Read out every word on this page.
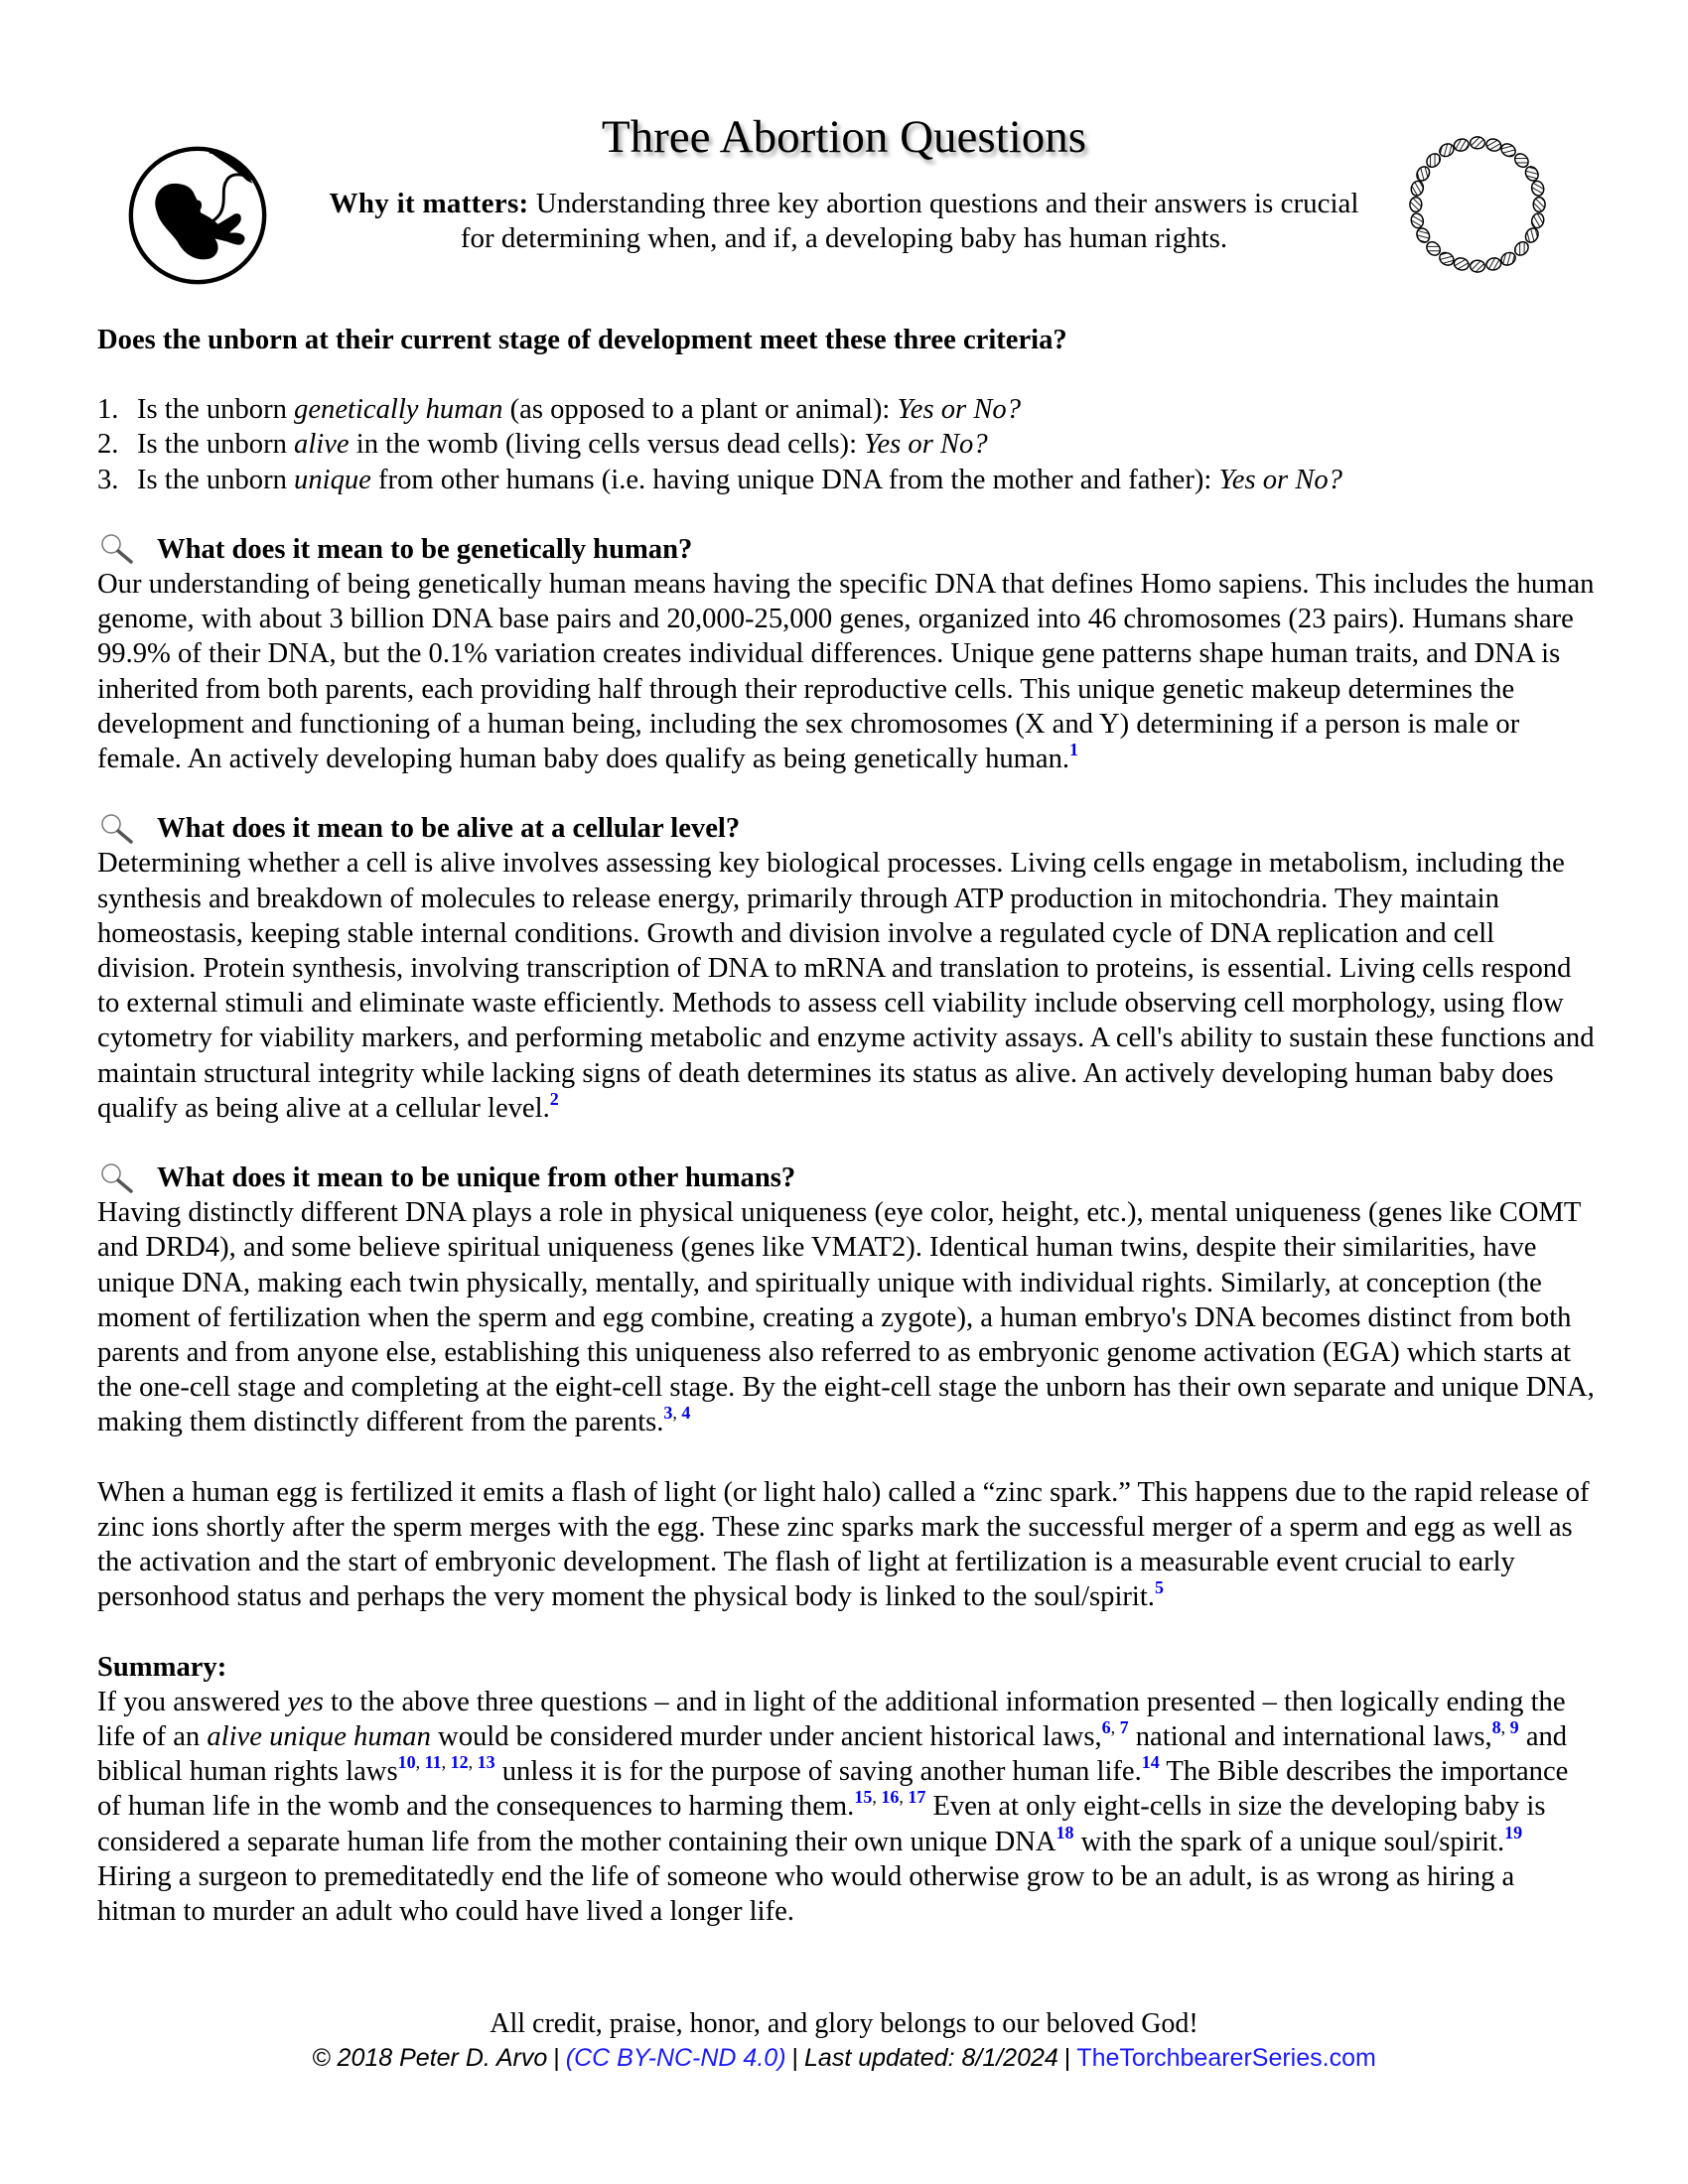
Three Abortion Questions
Why it matters: Understanding three key abortion questions and their answers is crucial
for determining when, and if, a developing baby has human rights.

Does the unborn at their current stage of development meet these three criteria?

1. Is the unborn genetically human (as opposed to a plant or animal): Yes or No?
2. Is the unborn alive in the womb (living cells versus dead cells): Yes or No?
3. Is the unborn unique from other humans (i.e. having unique DNA from the mother and father): Yes or No?
What does it mean to be genetically human?

Our understanding of being genetically human means having the specific DNA that defines Homo sapiens. This includes the human genome, with about 3 billion DNA base pairs and 20,000-25,000 genes, organized into 46 chromosomes (23 pairs). Humans share 99.9% of their DNA, but the 0.1% variation creates individual differences. Unique gene patterns shape human traits, and DNA is inherited from both parents, each providing half through their reproductive cells. This unique genetic makeup determines the development and functioning of a human being, including the sex chromosomes (X and Y) determining if a person is male or female. An actively developing human baby does qualify as being genetically human.$^1$

What does it mean to be alive at a cellular level?

Determining whether a cell is alive involves assessing key biological processes. Living cells engage in metabolism, including the synthesis and breakdown of molecules to release energy, primarily through ATP production in mitochondria. They maintain homeostasis, keeping stable internal conditions. Growth and division involve a regulated cycle of DNA replication and cell division. Protein synthesis, involving transcription of DNA to mRNA and translation to proteins, is essential. Living cells respond to external stimuli and eliminate waste efficiently. Methods to assess cell viability include observing cell morphology, using flow cytometry for viability markers, and performing metabolic and enzyme activity assays. A cell's ability to sustain these functions and maintain structural integrity while lacking signs of death determines its status as alive. An actively developing human baby does qualify as being alive at a cellular level.$^2$

What does it mean to be unique from other humans?

Having distinctly different DNA plays a role in physical uniqueness (eye color, height, etc.), mental uniqueness (genes like COMT and DRD4), and some believe spiritual uniqueness (genes like VMAT2). Identical human twins, despite their similarities, have unique DNA, making each twin physically, mentally, and spiritually unique with individual rights. Similarly, at conception (the moment of fertilization when the sperm and egg combine, creating a zygote), a human embryo's DNA becomes distinct from both parents and from anyone else, establishing this uniqueness also referred to as embryonic genome activation (EGA) which starts at the one-cell stage and completing at the eight-cell stage. By the eight-cell stage the unborn has their own separate and unique DNA, making them distinctly different from the parents.$^{3, 4}$

When a human egg is fertilized it emits a flash of light (or light halo) called a “zinc spark.” This happens due to the rapid release of zinc ions shortly after the sperm merges with the egg. These zinc sparks mark the successful merger of a sperm and egg as well as the activation and the start of embryonic development. The flash of light at fertilization is a measurable event crucial to early personhood status and perhaps the very moment the physical body is linked to the soul/spirit.$^5$

Summary:

If you answered yes to the above three questions – and in light of the additional information presented – then logically ending the life of an alive unique human would be considered murder under ancient historical laws,$^{6, 7}$ national and international laws,$^{8, 9}$ and biblical human rights laws$^{10, 11, 12, 13}$ unless it is for the purpose of saving another human life.$^{14}$ The Bible describes the importance of human life in the womb and the consequences to harming them.$^{15, 16, 17}$ Even at only eight-cells in size the developing baby is considered a separate human life from the mother containing their own unique DNA$^{18}$ with the spark of a unique soul/spirit.$^{19}$ Hiring a surgeon to premeditatedly end the life of someone who would otherwise grow to be an adult, is as wrong as hiring a hitman to murder an adult who could have lived a longer life.

All credit, praise, honor, and glory belongs to our beloved God!
© 2018 Peter D. Arvo | (CC BY-NC-ND 4.0) | Last updated: 8/1/2024 | TheTorchbearerSeries.com
